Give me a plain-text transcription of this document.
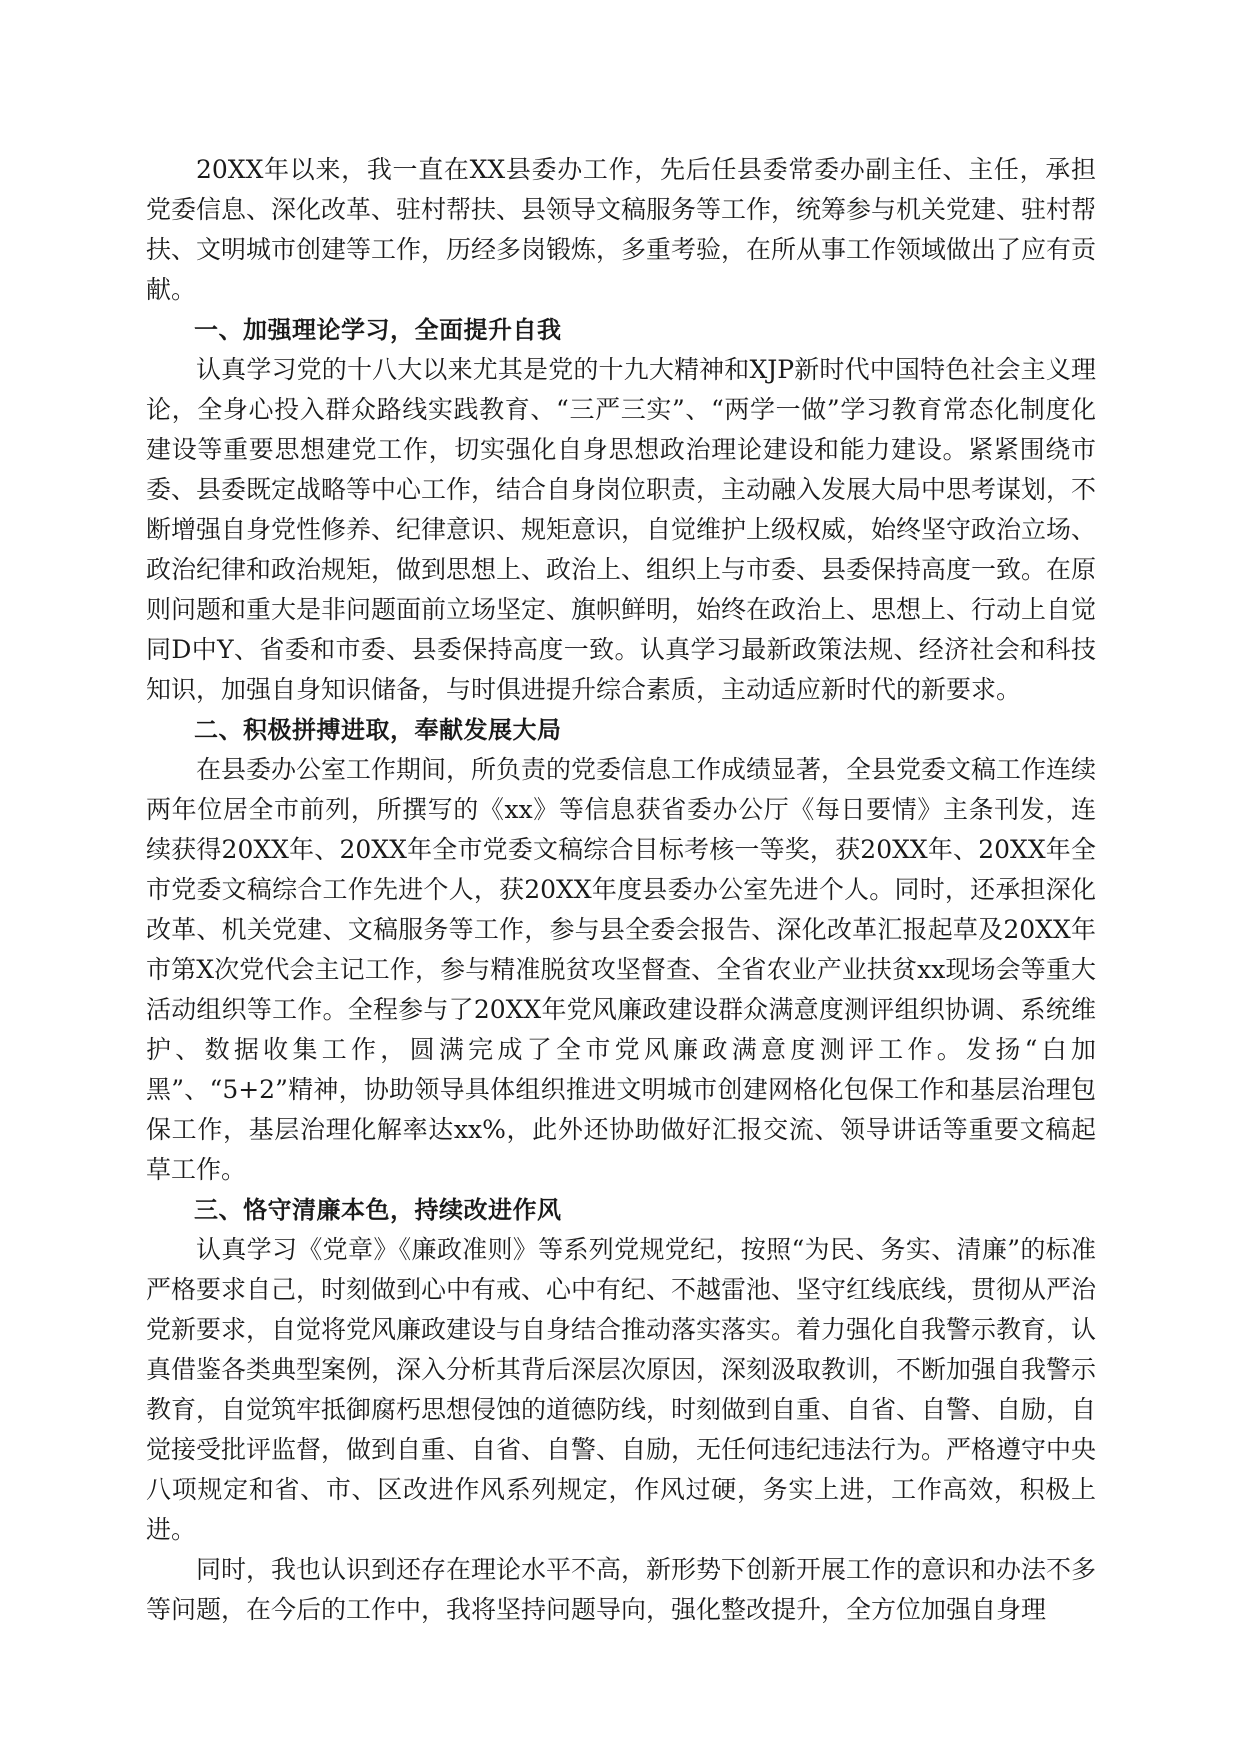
20XX年以来，我一直在XX县委办工作，先后任县委常委办副主任、主任，承担党委信息、深化改革、驻村帮扶、县领导文稿服务等工作，统筹参与机关党建、驻村帮扶、文明城市创建等工作，历经多岗锻炼，多重考验，在所从事工作领域做出了应有贡献。

一、加强理论学习，全面提升自我

认真学习党的十八大以来尤其是党的十九大精神和XJP新时代中国特色社会主义理论，全身心投入群众路线实践教育、“三严三实”、“两学一做”学习教育常态化制度化建设等重要思想建党工作，切实强化自身思想政治理论建设和能力建设。紧紧围绕市委、县委既定战略等中心工作，结合自身岗位职责，主动融入发展大局中思考谋划，不断增强自身党性修养、纪律意识、规矩意识，自觉维护上级权威，始终坚守政治立场、政治纪律和政治规矩，做到思想上、政治上、组织上与市委、县委保持高度一致。在原则问题和重大是非问题面前立场坚定、旗帜鲜明，始终在政治上、思想上、行动上自觉同D中Y、省委和市委、县委保持高度一致。认真学习最新政策法规、经济社会和科技知识，加强自身知识储备，与时俱进提升综合素质，主动适应新时代的新要求。

二、积极拼搏进取，奉献发展大局

在县委办公室工作期间，所负责的党委信息工作成绩显著，全县党委文稿工作连续两年位居全市前列，所撰写的《xx》等信息获省委办公厅《每日要情》主条刊发，连续获得20XX年、20XX年全市党委文稿综合目标考核一等奖，获20XX年、20XX年全市党委文稿综合工作先进个人，获20XX年度县委办公室先进个人。同时，还承担深化改革、机关党建、文稿服务等工作，参与县全委会报告、深化改革汇报起草及20XX年市第X次党代会主记工作，参与精准脱贫攻坚督查、全省农业产业扶贫xx现场会等重大活动组织等工作。全程参与了20XX年党风廉政建设群众满意度测评组织协调、系统维护、数据收集工作，圆满完成了全市党风廉政满意度测评工作。发扬“白加黑”、“5+2”精神，协助领导具体组织推进文明城市创建网格化包保工作和基层治理包保工作，基层治理化解率达xx%，此外还协助做好汇报交流、领导讲话等重要文稿起草工作。

三、恪守清廉本色，持续改进作风

认真学习《党章》《廉政准则》等系列党规党纪，按照“为民、务实、清廉”的标准严格要求自己，时刻做到心中有戒、心中有纪、不越雷池、坚守红线底线，贯彻从严治党新要求，自觉将党风廉政建设与自身结合推动落实落实。着力强化自我警示教育，认真借鉴各类典型案例，深入分析其背后深层次原因，深刻汲取教训，不断加强自我警示教育，自觉筑牢抵御腐朽思想侵蚀的道德防线，时刻做到自重、自省、自警、自励，自觉接受批评监督，做到自重、自省、自警、自励，无任何违纪违法行为。严格遵守中央八项规定和省、市、区改进作风系列规定，作风过硬，务实上进，工作高效，积极上进。

同时，我也认识到还存在理论水平不高，新形势下创新开展工作的意识和办法不多等问题，在今后的工作中，我将坚持问题导向，强化整改提升，全方位加强自身理
